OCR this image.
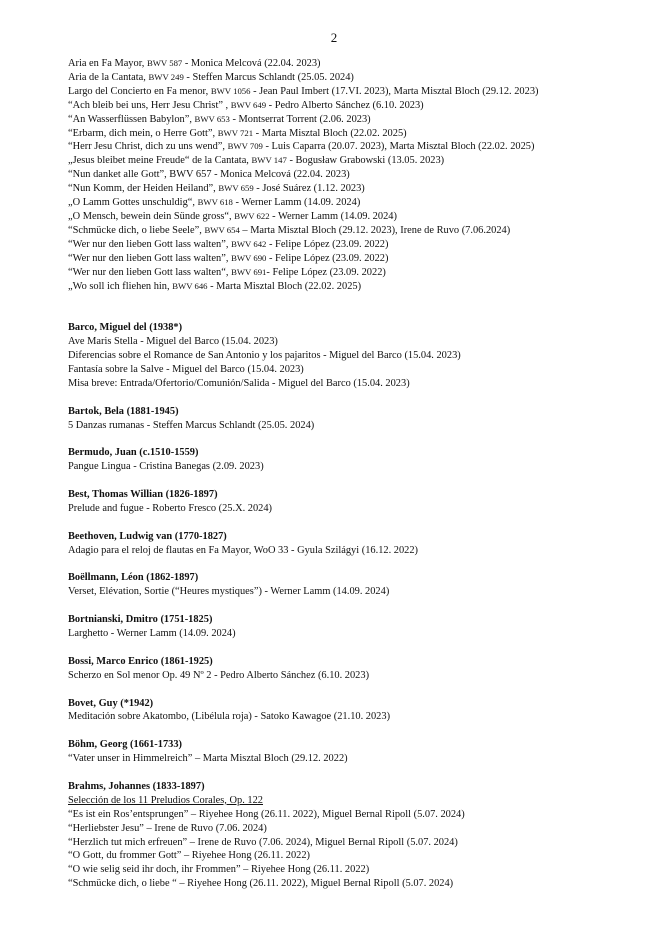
2
Aria en Fa Mayor, BWV 587 - Monica Melcová (22.04. 2023)
Aria de la Cantata, BWV 249 - Steffen Marcus Schlandt (25.05. 2024)
Largo del Concierto en Fa menor, BWV 1056 - Jean Paul Imbert (17.VI. 2023), Marta Misztal Bloch (29.12. 2023)
“Ach bleib bei uns, Herr Jesu Christ” , BWV 649 - Pedro Alberto Sánchez (6.10. 2023)
“An Wasserflüssen Babylon”, BWV 653 - Montserrat Torrent (2.06. 2023)
“Erbarm, dich mein, o Herre Gott”, BWV 721 - Marta Misztal Bloch (22.02. 2025)
“Herr Jesu Christ, dich zu uns wend”, BWV 709 - Luis Caparra (20.07. 2023), Marta Misztal Bloch (22.02. 2025)
„Jesus bleibet meine Freude“ de la Cantata, BWV 147 - Bogusław Grabowski (13.05. 2023)
“Nun danket alle Gott”, BWV 657 - Monica Melcová (22.04. 2023)
“Nun Komm, der Heiden Heiland”, BWV 659 - José Suárez (1.12. 2023)
„O Lamm Gottes unschuldig“, BWV 618 - Werner Lamm (14.09. 2024)
„O Mensch, bewein dein Sünde gross“, BWV 622 - Werner Lamm (14.09. 2024)
“Schmücke dich, o liebe Seele”, BWV 654 – Marta Misztal Bloch (29.12. 2023), Irene de Ruvo (7.06.2024)
“Wer nur den lieben Gott lass walten”, BWV 642 - Felipe López (23.09. 2022)
“Wer nur den lieben Gott lass walten”, BWV 690 - Felipe López (23.09. 2022)
“Wer nur den lieben Gott lass walten“, BWV 691- Felipe López (23.09. 2022)
„Wo soll ich fliehen hin, BWV 646 - Marta Misztal Bloch (22.02. 2025)
Barco, Miguel del (1938*)
Ave Maris Stella - Miguel del Barco (15.04. 2023)
Diferencias sobre el Romance de San Antonio y los pajaritos - Miguel del Barco (15.04. 2023)
Fantasía sobre la Salve - Miguel del Barco (15.04. 2023)
Misa breve: Entrada/Ofertorio/Comunión/Salida - Miguel del Barco (15.04. 2023)
Bartok, Bela (1881-1945)
5 Danzas rumanas - Steffen Marcus Schlandt (25.05. 2024)
Bermudo, Juan (c.1510-1559)
Pangue Lingua - Cristina Banegas (2.09. 2023)
Best, Thomas Willian (1826-1897)
Prelude and fugue - Roberto Fresco (25.X. 2024)
Beethoven, Ludwig van (1770-1827)
Adagio para el reloj de flautas en Fa Mayor, WoO 33 - Gyula Szilágyi (16.12. 2022)
Boëllmann, Léon (1862-1897)
Verset, Elévation, Sortie (“Heures mystiques”) - Werner Lamm (14.09. 2024)
Bortnianski, Dmitro (1751-1825)
Larghetto - Werner Lamm (14.09. 2024)
Bossi, Marco Enrico (1861-1925)
Scherzo en Sol menor Op. 49 Nº 2 - Pedro Alberto Sánchez (6.10. 2023)
Bovet, Guy (*1942)
Meditación sobre Akatombo, (Libélula roja) - Satoko Kawagoe (21.10. 2023)
Böhm, Georg (1661-1733)
“Vater unser in Himmelreich” – Marta Misztal Bloch (29.12. 2022)
Brahms, Johannes (1833-1897)
Selección de los 11 Preludios Corales, Op. 122
“Es ist ein Ros’entsprungen” – Riyehee Hong (26.11. 2022), Miguel Bernal Ripoll (5.07. 2024)
“Herliebster Jesu” – Irene de Ruvo (7.06. 2024)
“Herzlich tut mich erfreuen” – Irene de Ruvo (7.06. 2024), Miguel Bernal Ripoll (5.07. 2024)
“O Gott, du frommer Gott” – Riyehee Hong (26.11. 2022)
“O wie selig seid ihr doch, ihr Frommen” – Riyehee Hong (26.11. 2022)
“Schmücke dich, o liebe “ – Riyehee Hong (26.11. 2022), Miguel Bernal Ripoll (5.07. 2024)
